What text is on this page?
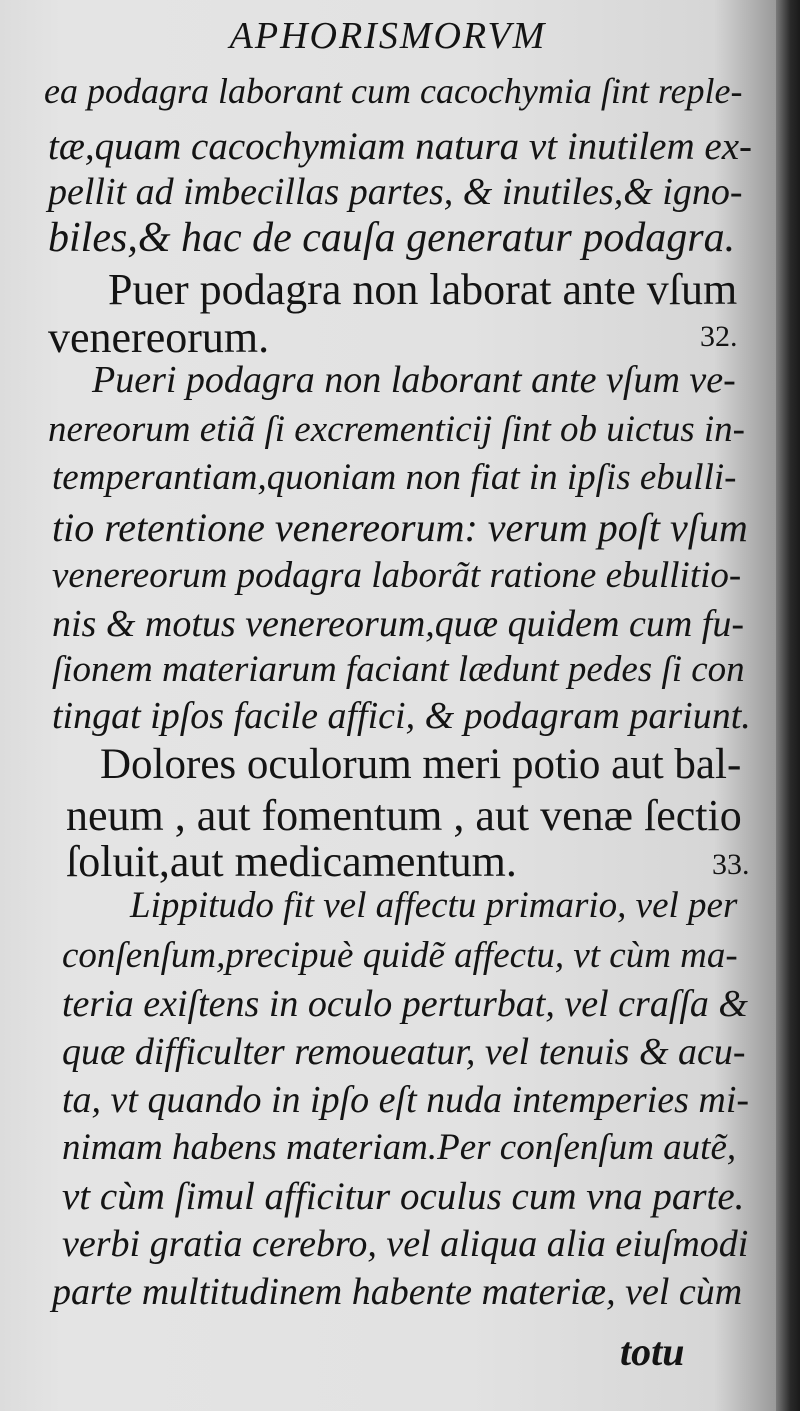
APHORISMORVM
ea podagra laborant cum cacochymia ſint reple-
tæ,quam cacochymiam natura vt inutilem ex-
pellit ad imbecillas partes, & inutiles,& igno-
biles,& hac de cauſa generatur podagra.
Puer podagra non laborat ante vſum
venereorum.	32.
Pueri podagra non laborant ante vſum ve-
nereorum etiã ſi excrementicij ſint ob uictus in-
temperantiam,quoniam non fiat in ipſis ebulli-
tio retentione venereorum: verum poſt vſum
venereorum podagra laborãt ratione ebullitio-
nis & motus venereorum,quæ quidem cum fu-
ſionem materiarum faciant lædunt pedes ſi con
tingat ipſos facile affici, & podagram pariunt.
Dolores oculorum meri potio aut bal-
neum , aut fomentum , aut venæ ſectio
ſoluit,aut medicamentum.	33.
Lippitudo fit vel affectu primario, vel per
conſenſum,precipuè quidẽ affectu, vt cùm ma-
teria exiſtens in oculo perturbat, vel craſſa &
quæ difficulter remoueatur, vel tenuis & acu-
ta, vt quando in ipſo eſt nuda intemperies mi-
nimam habens materiam.Per conſenſum autẽ,
vt cùm ſimul afficitur oculus cum vna parte.
verbi gratia cerebro, vel aliqua alia eiuſmodi
parte multitudinem habente materiæ, vel cùm
totu
